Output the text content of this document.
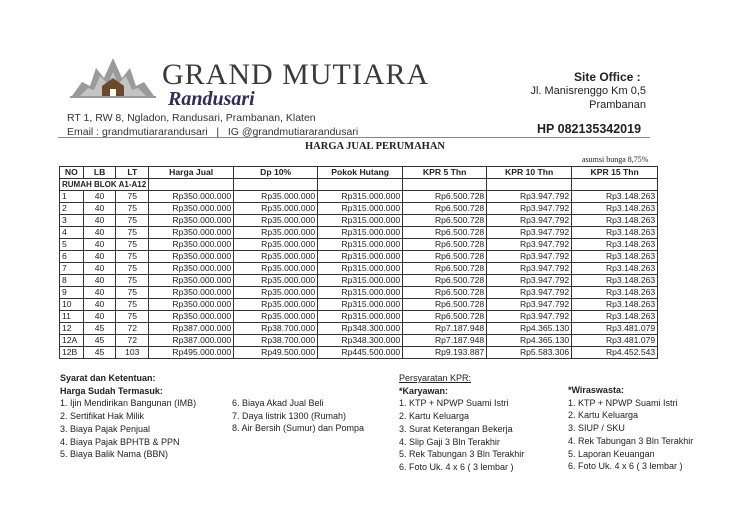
GRAND MUTIARA
Randusari
RT 1, RW 8, Ngladon, Randusari, Prambanan, Klaten
Email : grandmutiararandusari   |   IG @grandmutiararandusari
Site Office :
Jl. Manisrenggo Km 0,5
Prambanan
HP 082135342019
HARGA JUAL PERUMAHAN
asumsi bunga 8,75%
NO	LB	LT	Harga Jual	Dp 10%	Pokok Hutang	KPR 5 Thn	KPR 10 Thn	KPR 15 Thn
RUMAH BLOK A1-A12								
1	40	75	Rp350.000.000	Rp35.000.000	Rp315.000.000	Rp6.500.728	Rp3.947.792	Rp3.148.263
2	40	75	Rp350.000.000	Rp35.000.000	Rp315.000.000	Rp6.500.728	Rp3.947.792	Rp3.148.263
3	40	75	Rp350.000.000	Rp35.000.000	Rp315.000.000	Rp6.500.728	Rp3.947.792	Rp3.148.263
4	40	75	Rp350.000.000	Rp35.000.000	Rp315.000.000	Rp6.500.728	Rp3.947.792	Rp3.148.263
5	40	75	Rp350.000.000	Rp35.000.000	Rp315.000.000	Rp6.500.728	Rp3.947.792	Rp3.148.263
6	40	75	Rp350.000.000	Rp35.000.000	Rp315.000.000	Rp6.500.728	Rp3.947.792	Rp3.148.263
7	40	75	Rp350.000.000	Rp35.000.000	Rp315.000.000	Rp6.500.728	Rp3.947.792	Rp3.148.263
8	40	75	Rp350.000.000	Rp35.000.000	Rp315.000.000	Rp6.500.728	Rp3.947.792	Rp3.148.263
9	40	75	Rp350.000.000	Rp35.000.000	Rp315.000.000	Rp6.500.728	Rp3.947.792	Rp3.148.263
10	40	75	Rp350.000.000	Rp35.000.000	Rp315.000.000	Rp6.500.728	Rp3.947.792	Rp3.148.263
11	40	75	Rp350.000.000	Rp35.000.000	Rp315.000.000	Rp6.500.728	Rp3.947.792	Rp3.148.263
12	45	72	Rp387.000.000	Rp38.700.000	Rp348.300.000	Rp7.187.948	Rp4.365.130	Rp3.481.079
12A	45	72	Rp387.000.000	Rp38.700.000	Rp348.300.000	Rp7.187.948	Rp4.365.130	Rp3.481.079
12B	45	103	Rp495.000.000	Rp49.500.000	Rp445.500.000	Rp9.193.887	Rp5.583.306	Rp4.452.543
Syarat dan Ketentuan:
Harga Sudah Termasuk:
1. Ijin Mendirikan Bangunan (IMB)
2. Sertifikat Hak Milik
3. Biaya Pajak Penjual
4. Biaya Pajak BPHTB & PPN
5. Biaya Balik Nama (BBN)
6. Biaya Akad Jual Beli
7. Daya listrik 1300 (Rumah)
8. Air Bersih (Sumur) dan Pompa
Persyaratan KPR:
*Karyawan:
1. KTP + NPWP Suami Istri
2. Kartu Keluarga
3. Surat Keterangan Bekerja
4. Slip Gaji 3 Bln Terakhir
5. Rek Tabungan 3 Bln Terakhir
6. Foto Uk. 4 x 6 ( 3 lembar )
*Wiraswasta:
1. KTP + NPWP Suami Istri
2. Kartu Keluarga
3. SIUP / SKU
4. Rek Tabungan 3 Bln Terakhir
5. Laporan Keuangan
6. Foto Uk. 4 x 6 ( 3 lembar )
